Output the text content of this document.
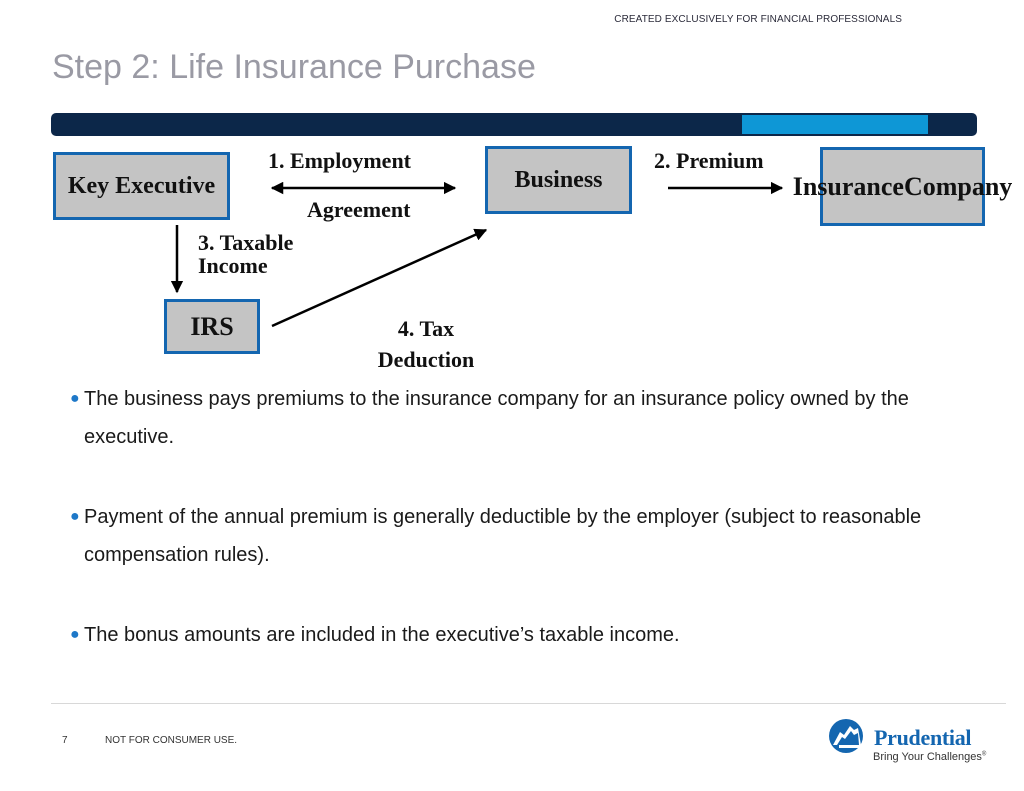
CREATED EXCLUSIVELY FOR FINANCIAL PROFESSIONALS
Step 2: Life Insurance Purchase
Key Executive	Business	Insurance Company
IRS
1. Employment
Agreement
2. Premium
3. Taxable
Income
4. Tax
Deduction
● The business pays premiums to the insurance company for an insurance policy owned by the executive.
● Payment of the annual premium is generally deductible by the employer (subject to reasonable compensation rules).
● The bonus amounts are included in the executive’s taxable income.
7	NOT FOR CONSUMER USE.	Prudential
Bring Your Challenges®
